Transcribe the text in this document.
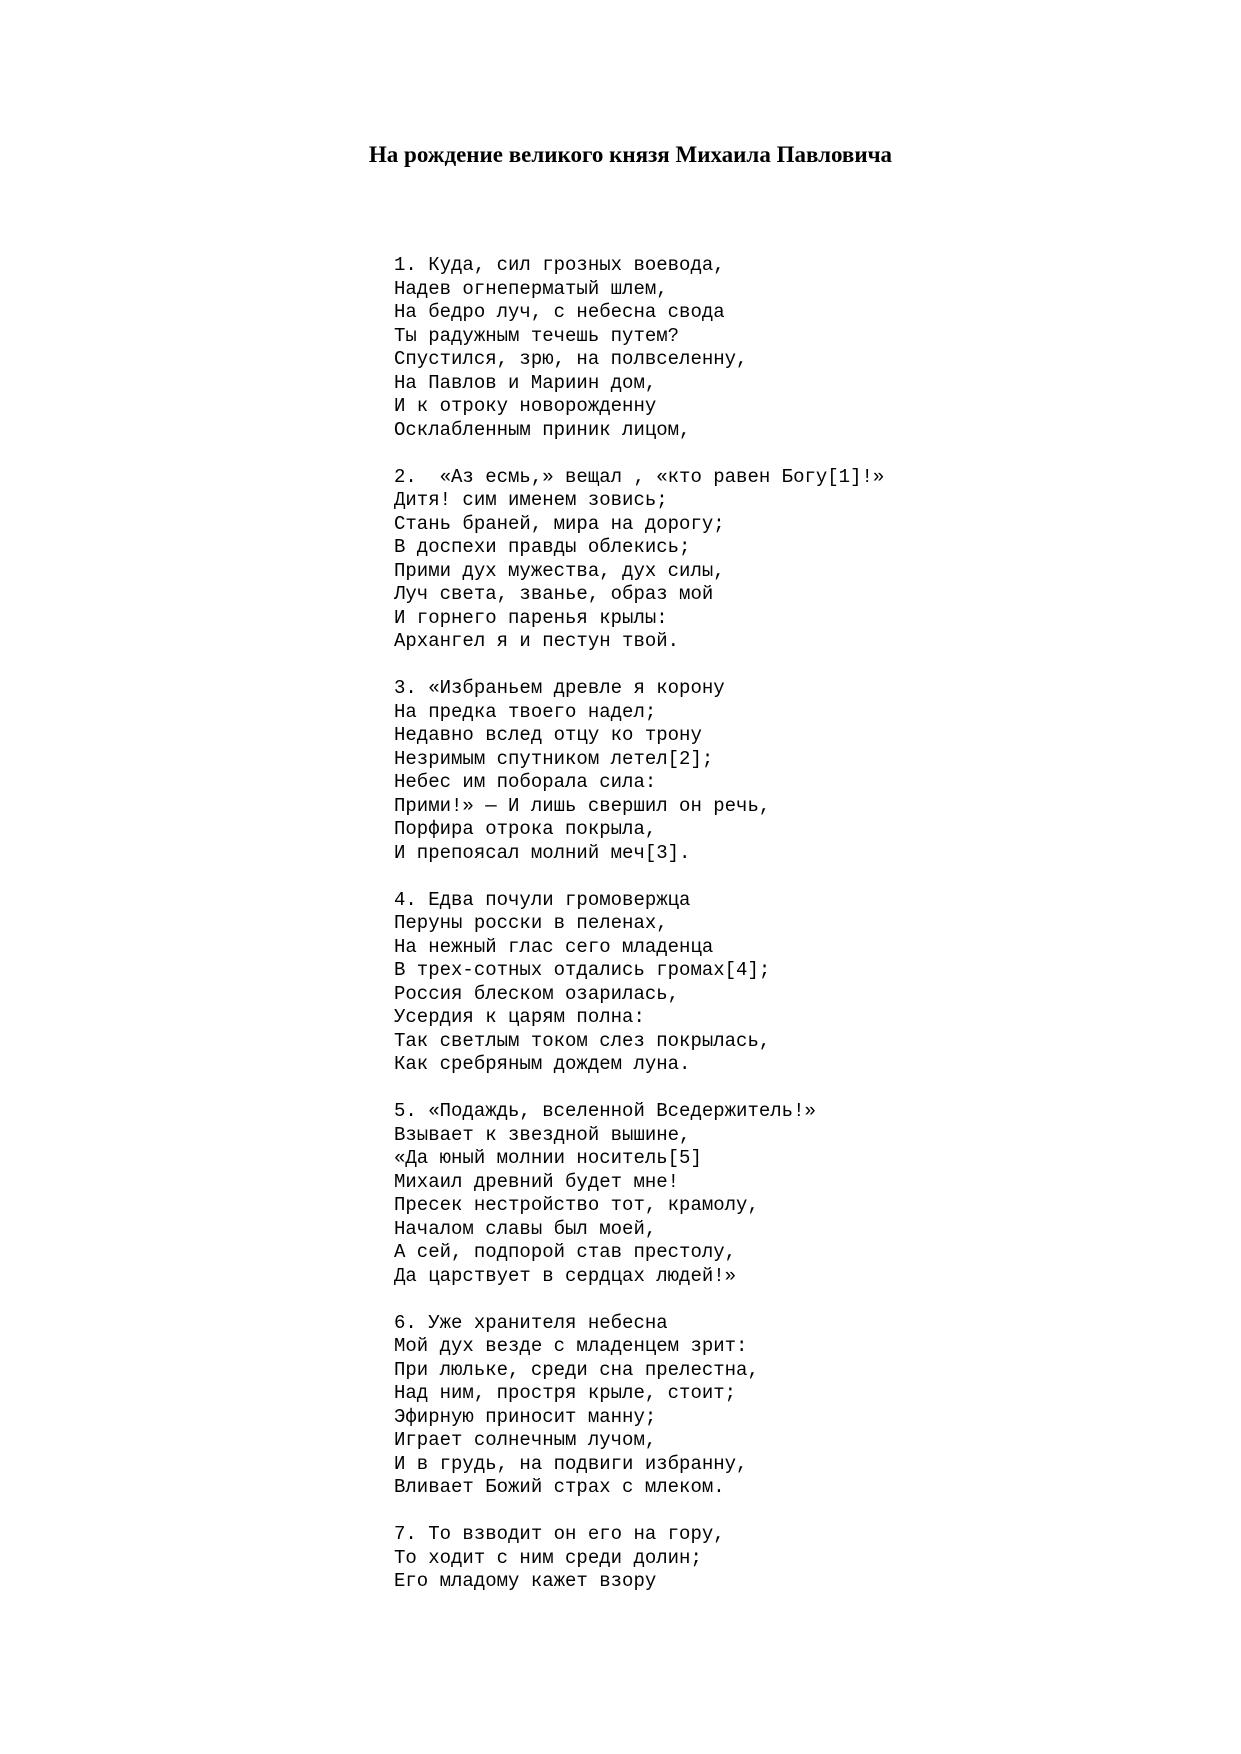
На рождение великого князя Михаила Павловича
1. Куда, сил грозных воевода,
Надев огнеперматый шлем,
На бедро луч, с небесна свода
Ты радужным течешь путем?
Спустился, зрю, на полвселенну,
На Павлов и Мариин дом,
И к отроку новорожденну
Осклабленным приник лицом,
2.  «Аз есмь,» вещал , «кто равен Богу[1]!»
Дитя! сим именем зовись;
Стань браней, мира на дорогу;
В доспехи правды облекись;
Прими дух мужества, дух силы,
Луч света, званье, образ мой
И горнего паренья крылы:
Архангел я и пестун твой.
3. «Избраньем древле я корону
На предка твоего надел;
Недавно вслед отцу ко трону
Незримым спутником летел[2];
Небес им поборала сила:
Прими!» — И лишь свершил он речь,
Порфира отрока покрыла,
И препоясал молний меч[3].
4. Едва почули громовержца
Перуны росски в пеленах,
На нежный глас сего младенца
В трех-сотных отдались громах[4];
Россия блеском озарилась,
Усердия к царям полна:
Так светлым током слез покрылась,
Как сребряным дождем луна.
5. «Подаждь, вселенной Вседержитель!»
Взывает к звездной вышине,
«Да юный молнии носитель[5]
Михаил древний будет мне!
Пресек нестройство тот, крамолу,
Началом славы был моей,
А сей, подпорой став престолу,
Да царствует в сердцах людей!»
6. Уже хранителя небесна
Мой дух везде с младенцем зрит:
При люльке, среди сна прелестна,
Над ним, простря крыле, стоит;
Эфирную приносит манну;
Играет солнечным лучом,
И в грудь, на подвиги избранну,
Вливает Божий страх с млеком.
7. То взводит он его на гору,
То ходит с ним среди долин;
Его младому кажет взору
